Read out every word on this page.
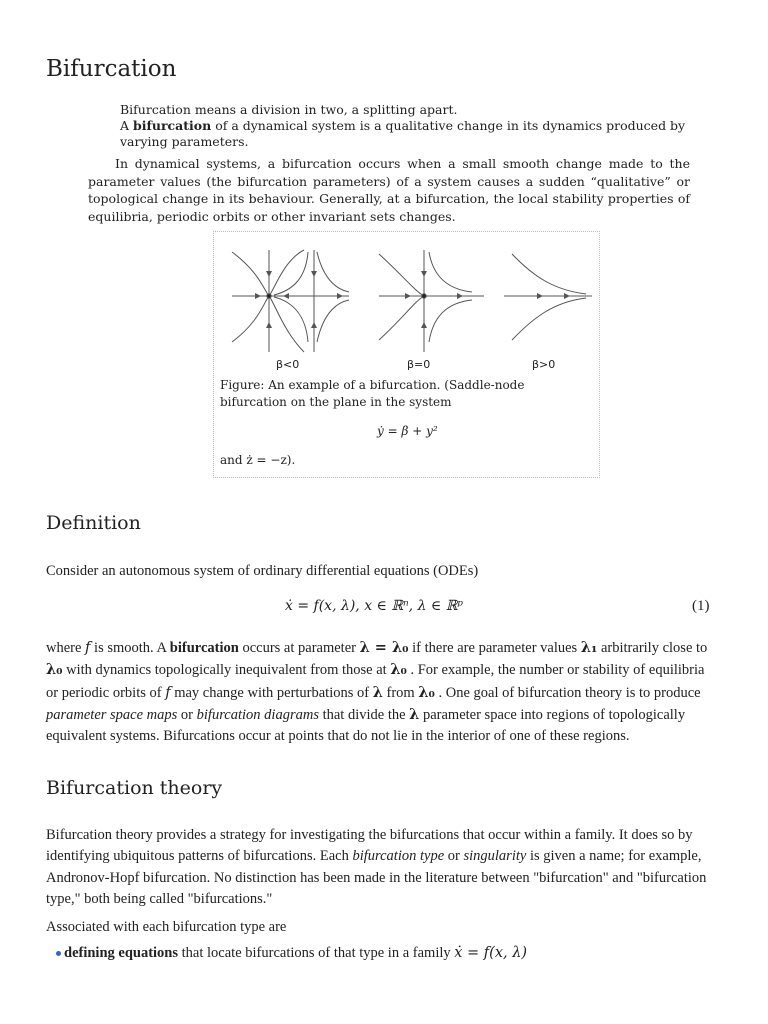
Bifurcation

Bifurcation means a division in two, a splitting apart.

A bifurcation of a dynamical system is a qualitative change in its dynamics produced by varying parameters.

In dynamical systems, a bifurcation occurs when a small smooth change made to the parameter values (the bifurcation parameters) of a system causes a sudden “qualitative” or topological change in its behaviour. Generally, at a bifurcation, the local stability properties of equilibria, periodic orbits or other invariant sets changes.

β<0	β=0	β>0
Figure: An example of a bifurcation. (Saddle-node bifurcation on the plane in the system
ẏ = β + y²
and ż = −z).
Definition

Consider an autonomous system of ordinary differential equations (ODEs)

ẋ = f(x, λ), x ∈ ℝⁿ, λ ∈ ℝᵖ	(1)

where f is smooth. A bifurcation occurs at parameter λ = λ₀ if there are parameter values λ₁ arbitrarily close to λ₀ with dynamics topologically inequivalent from those at λ₀ . For example, the number or stability of equilibria or periodic orbits of f may change with perturbations of λ from λ₀ . One goal of bifurcation theory is to produce parameter space maps or bifurcation diagrams that divide the λ parameter space into regions of topologically equivalent systems. Bifurcations occur at points that do not lie in the interior of one of these regions.

Bifurcation theory

Bifurcation theory provides a strategy for investigating the bifurcations that occur within a family. It does so by identifying ubiquitous patterns of bifurcations. Each bifurcation type or singularity is given a name; for example, Andronov-Hopf bifurcation. No distinction has been made in the literature between "bifurcation" and "bifurcation type," both being called "bifurcations."

Associated with each bifurcation type are

defining equations that locate bifurcations of that type in a family ẋ = f(x, λ)
